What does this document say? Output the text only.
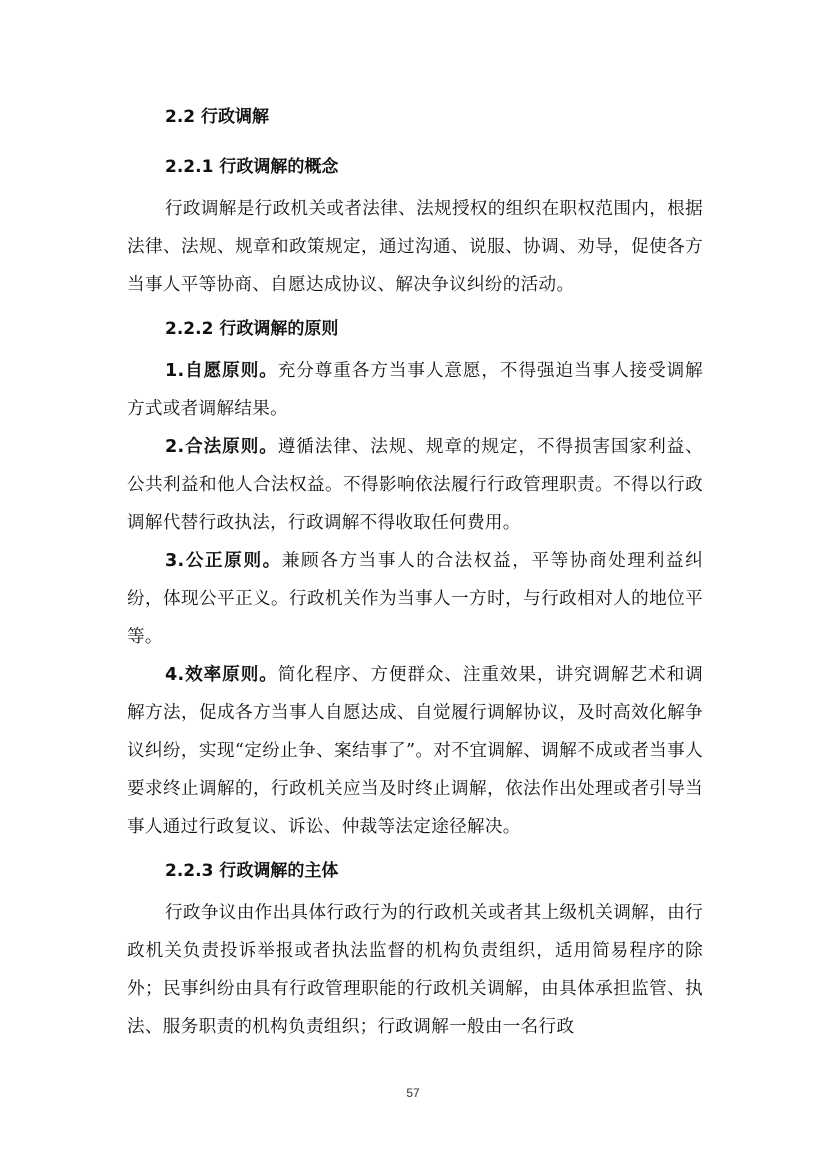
2.2 行政调解
2.2.1 行政调解的概念

行政调解是行政机关或者法律、法规授权的组织在职权范围内，根据法律、法规、规章和政策规定，通过沟通、说服、协调、劝导，促使各方当事人平等协商、自愿达成协议、解决争议纠纷的活动。

2.2.2 行政调解的原则

1.自愿原则。充分尊重各方当事人意愿，不得强迫当事人接受调解方式或者调解结果。

2.合法原则。遵循法律、法规、规章的规定，不得损害国家利益、公共利益和他人合法权益。不得影响依法履行行政管理职责。不得以行政调解代替行政执法，行政调解不得收取任何费用。

3.公正原则。兼顾各方当事人的合法权益，平等协商处理利益纠纷，体现公平正义。行政机关作为当事人一方时，与行政相对人的地位平等。

4.效率原则。简化程序、方便群众、注重效果，讲究调解艺术和调解方法，促成各方当事人自愿达成、自觉履行调解协议，及时高效化解争议纠纷，实现“定纷止争、案结事了”。对不宜调解、调解不成或者当事人要求终止调解的，行政机关应当及时终止调解，依法作出处理或者引导当事人通过行政复议、诉讼、仲裁等法定途径解决。

2.2.3 行政调解的主体

行政争议由作出具体行政行为的行政机关或者其上级机关调解，由行政机关负责投诉举报或者执法监督的机构负责组织，适用简易程序的除外；民事纠纷由具有行政管理职能的行政机关调解，由具体承担监管、执法、服务职责的机构负责组织；行政调解一般由一名行政

57
